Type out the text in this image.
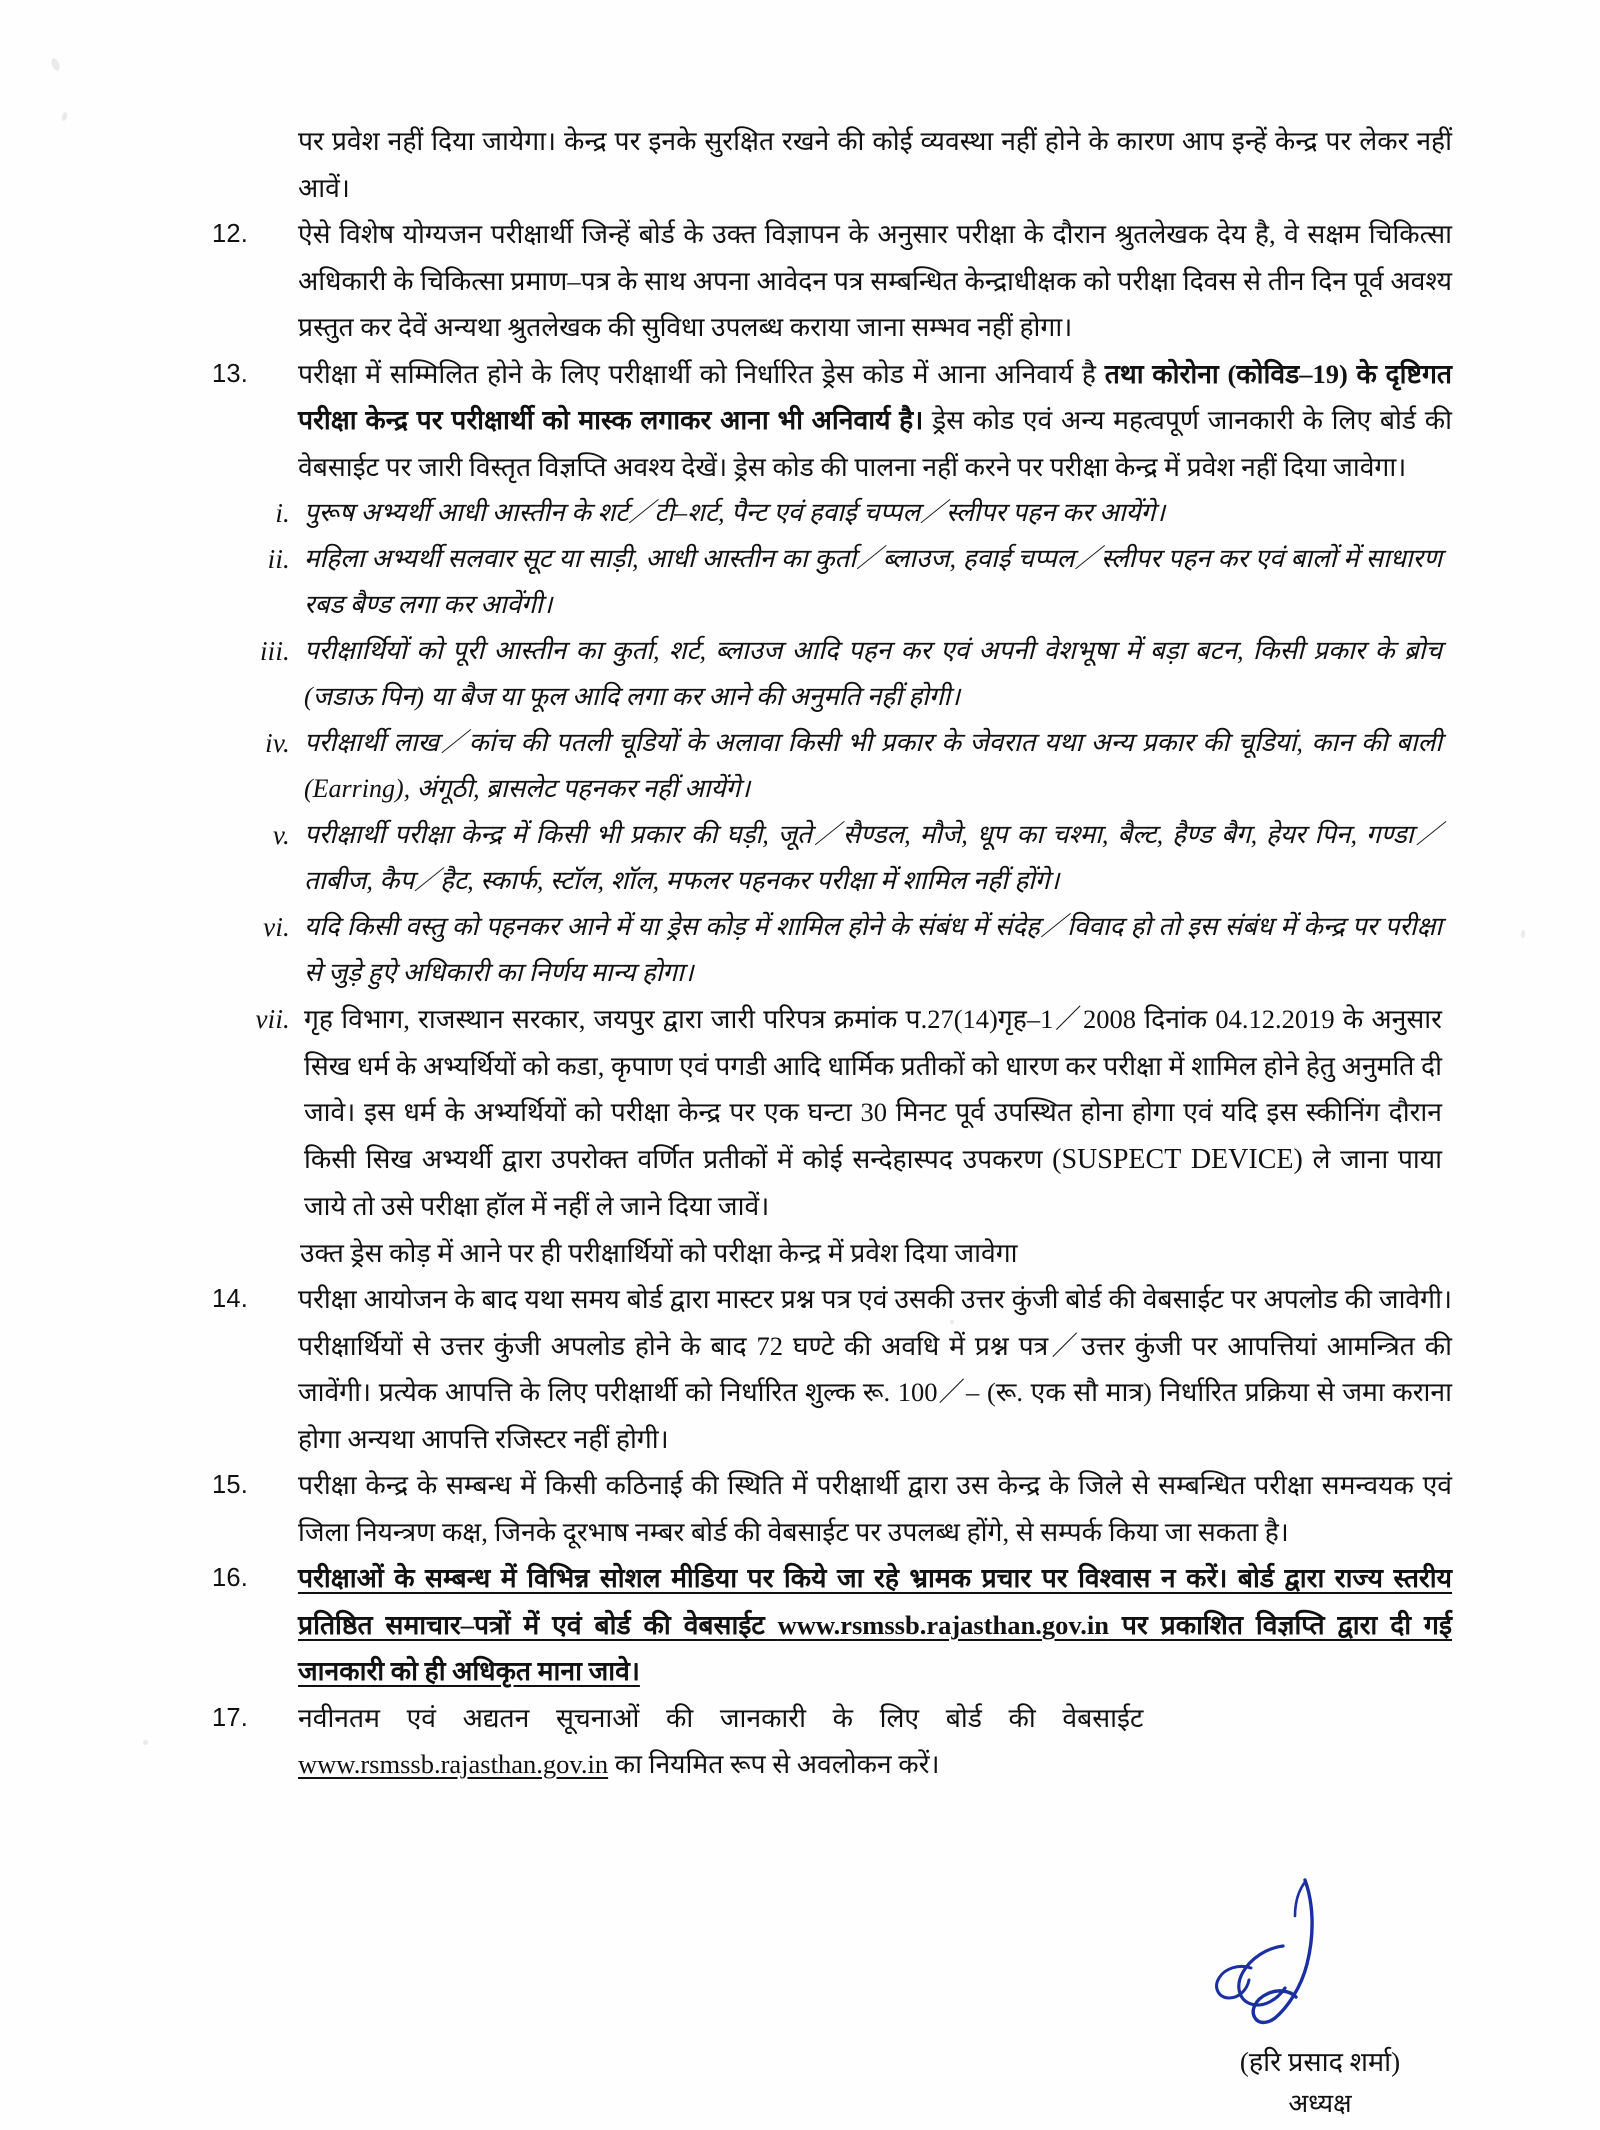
पर प्रवेश नहीं दिया जायेगा। केन्द्र पर इनके सुरक्षित रखने की कोई व्यवस्था नहीं होने के कारण आप इन्हें केन्द्र पर लेकर नहीं आवें।
12.	ऐसे विशेष योग्यजन परीक्षार्थी जिन्हें बोर्ड के उक्त विज्ञापन के अनुसार परीक्षा के दौरान श्रुतलेखक देय है, वे सक्षम चिकित्सा अधिकारी के चिकित्सा प्रमाण–पत्र के साथ अपना आवेदन पत्र सम्बन्धित केन्द्राधीक्षक को परीक्षा दिवस से तीन दिन पूर्व अवश्य प्रस्तुत कर देवें अन्यथा श्रुतलेखक की सुविधा उपलब्ध कराया जाना सम्भव नहीं होगा।
13.	परीक्षा में सम्मिलित होने के लिए परीक्षार्थी को निर्धारित ड्रेस कोड में आना अनिवार्य है तथा कोरोना (कोविड–19) के दृष्टिगत परीक्षा केन्द्र पर परीक्षार्थी को मास्क लगाकर आना भी अनिवार्य है। ड्रेस कोड एवं अन्य महत्वपूर्ण जानकारी के लिए बोर्ड की वेबसाईट पर जारी विस्तृत विज्ञप्ति अवश्य देखें। ड्रेस कोड की पालना नहीं करने पर परीक्षा केन्द्र में प्रवेश नहीं दिया जावेगा।
i. पुरूष अभ्यर्थी आधी आस्तीन के शर्ट／टी–शर्ट, पैन्ट एवं हवाई चप्पल／स्लीपर पहन कर आयेंगे।
ii. महिला अभ्यर्थी सलवार सूट या साड़ी, आधी आस्तीन का कुर्ता／ब्लाउज, हवाई चप्पल／स्लीपर पहन कर एवं बालों में साधारण रबड बैण्ड लगा कर आवेंगी।
iii. परीक्षार्थियों को पूरी आस्तीन का कुर्ता, शर्ट, ब्लाउज आदि पहन कर एवं अपनी वेशभूषा में बड़ा बटन, किसी प्रकार के ब्रोच (जडाऊ पिन) या बैज या फूल आदि लगा कर आने की अनुमति नहीं होगी।
iv. परीक्षार्थी लाख／कांच की पतली चूडियों के अलावा किसी भी प्रकार के जेवरात यथा अन्य प्रकार की चूडियां, कान की बाली (Earring), अंगूठी, ब्रासलेट पहनकर नहीं आयेंगे।
v. परीक्षार्थी परीक्षा केन्द्र में किसी भी प्रकार की घड़ी, जूते／सैण्डल, मौजे, धूप का चश्मा, बैल्ट, हैण्ड बैग, हेयर पिन, गण्डा／ताबीज, कैप／हैट, स्कार्फ, स्टॉल, शॉल, मफलर पहनकर परीक्षा में शामिल नहीं होंगे।
vi. यदि किसी वस्तु को पहनकर आने में या ड्रेस कोड़ में शामिल होने के संबंध में संदेह／विवाद हो तो इस संबंध में केन्द्र पर परीक्षा से जुड़े हुऐ अधिकारी का निर्णय मान्य होगा।
vii. गृह विभाग, राजस्थान सरकार, जयपुर द्वारा जारी परिपत्र क्रमांक प.27(14)गृह–1／2008 दिनांक 04.12.2019 के अनुसार सिख धर्म के अभ्यर्थियों को कडा, कृपाण एवं पगडी आदि धार्मिक प्रतीकों को धारण कर परीक्षा में शामिल होने हेतु अनुमति दी जावे। इस धर्म के अभ्यर्थियों को परीक्षा केन्द्र पर एक घन्टा 30 मिनट पूर्व उपस्थित होना होगा एवं यदि इस स्कीनिंग दौरान किसी सिख अभ्यर्थी द्वारा उपरोक्त वर्णित प्रतीकों में कोई सन्देहास्पद उपकरण (SUSPECT DEVICE) ले जाना पाया जाये तो उसे परीक्षा हॉल में नहीं ले जाने दिया जावें।
उक्त ड्रेस कोड़ में आने पर ही परीक्षार्थियों को परीक्षा केन्द्र में प्रवेश दिया जावेगा
14.	परीक्षा आयोजन के बाद यथा समय बोर्ड द्वारा मास्टर प्रश्न पत्र एवं उसकी उत्तर कुंजी बोर्ड की वेबसाईट पर अपलोड की जावेगी। परीक्षार्थियों से उत्तर कुंजी अपलोड होने के बाद 72 घण्टे की अवधि में प्रश्न पत्र／उत्तर कुंजी पर आपत्तियां आमन्त्रित की जावेंगी। प्रत्येक आपत्ति के लिए परीक्षार्थी को निर्धारित शुल्क रू. 100／– (रू. एक सौ मात्र) निर्धारित प्रक्रिया से जमा कराना होगा अन्यथा आपत्ति रजिस्टर नहीं होगी।
15.	परीक्षा केन्द्र के सम्बन्ध में किसी कठिनाई की स्थिति में परीक्षार्थी द्वारा उस केन्द्र के जिले से सम्बन्धित परीक्षा समन्वयक एवं जिला नियन्त्रण कक्ष, जिनके दूरभाष नम्बर बोर्ड की वेबसाईट पर उपलब्ध होंगे, से सम्पर्क किया जा सकता है।
16.	परीक्षाओं के सम्बन्ध में विभिन्न सोशल मीडिया पर किये जा रहे भ्रामक प्रचार पर विश्वास न करें। बोर्ड द्वारा राज्य स्तरीय प्रतिष्ठित समाचार–पत्रों में एवं बोर्ड की वेबसाईट www.rsmssb.rajasthan.gov.in पर प्रकाशित विज्ञप्ति द्वारा दी गई जानकारी को ही अधिकृत माना जावे।
17.	नवीनतम एवं अद्यतन सूचनाओं की जानकारी के लिए बोर्ड की वेबसाईट
www.rsmssb.rajasthan.gov.in का नियमित रूप से अवलोकन करें।
(हरि प्रसाद शर्मा)
अध्यक्ष
